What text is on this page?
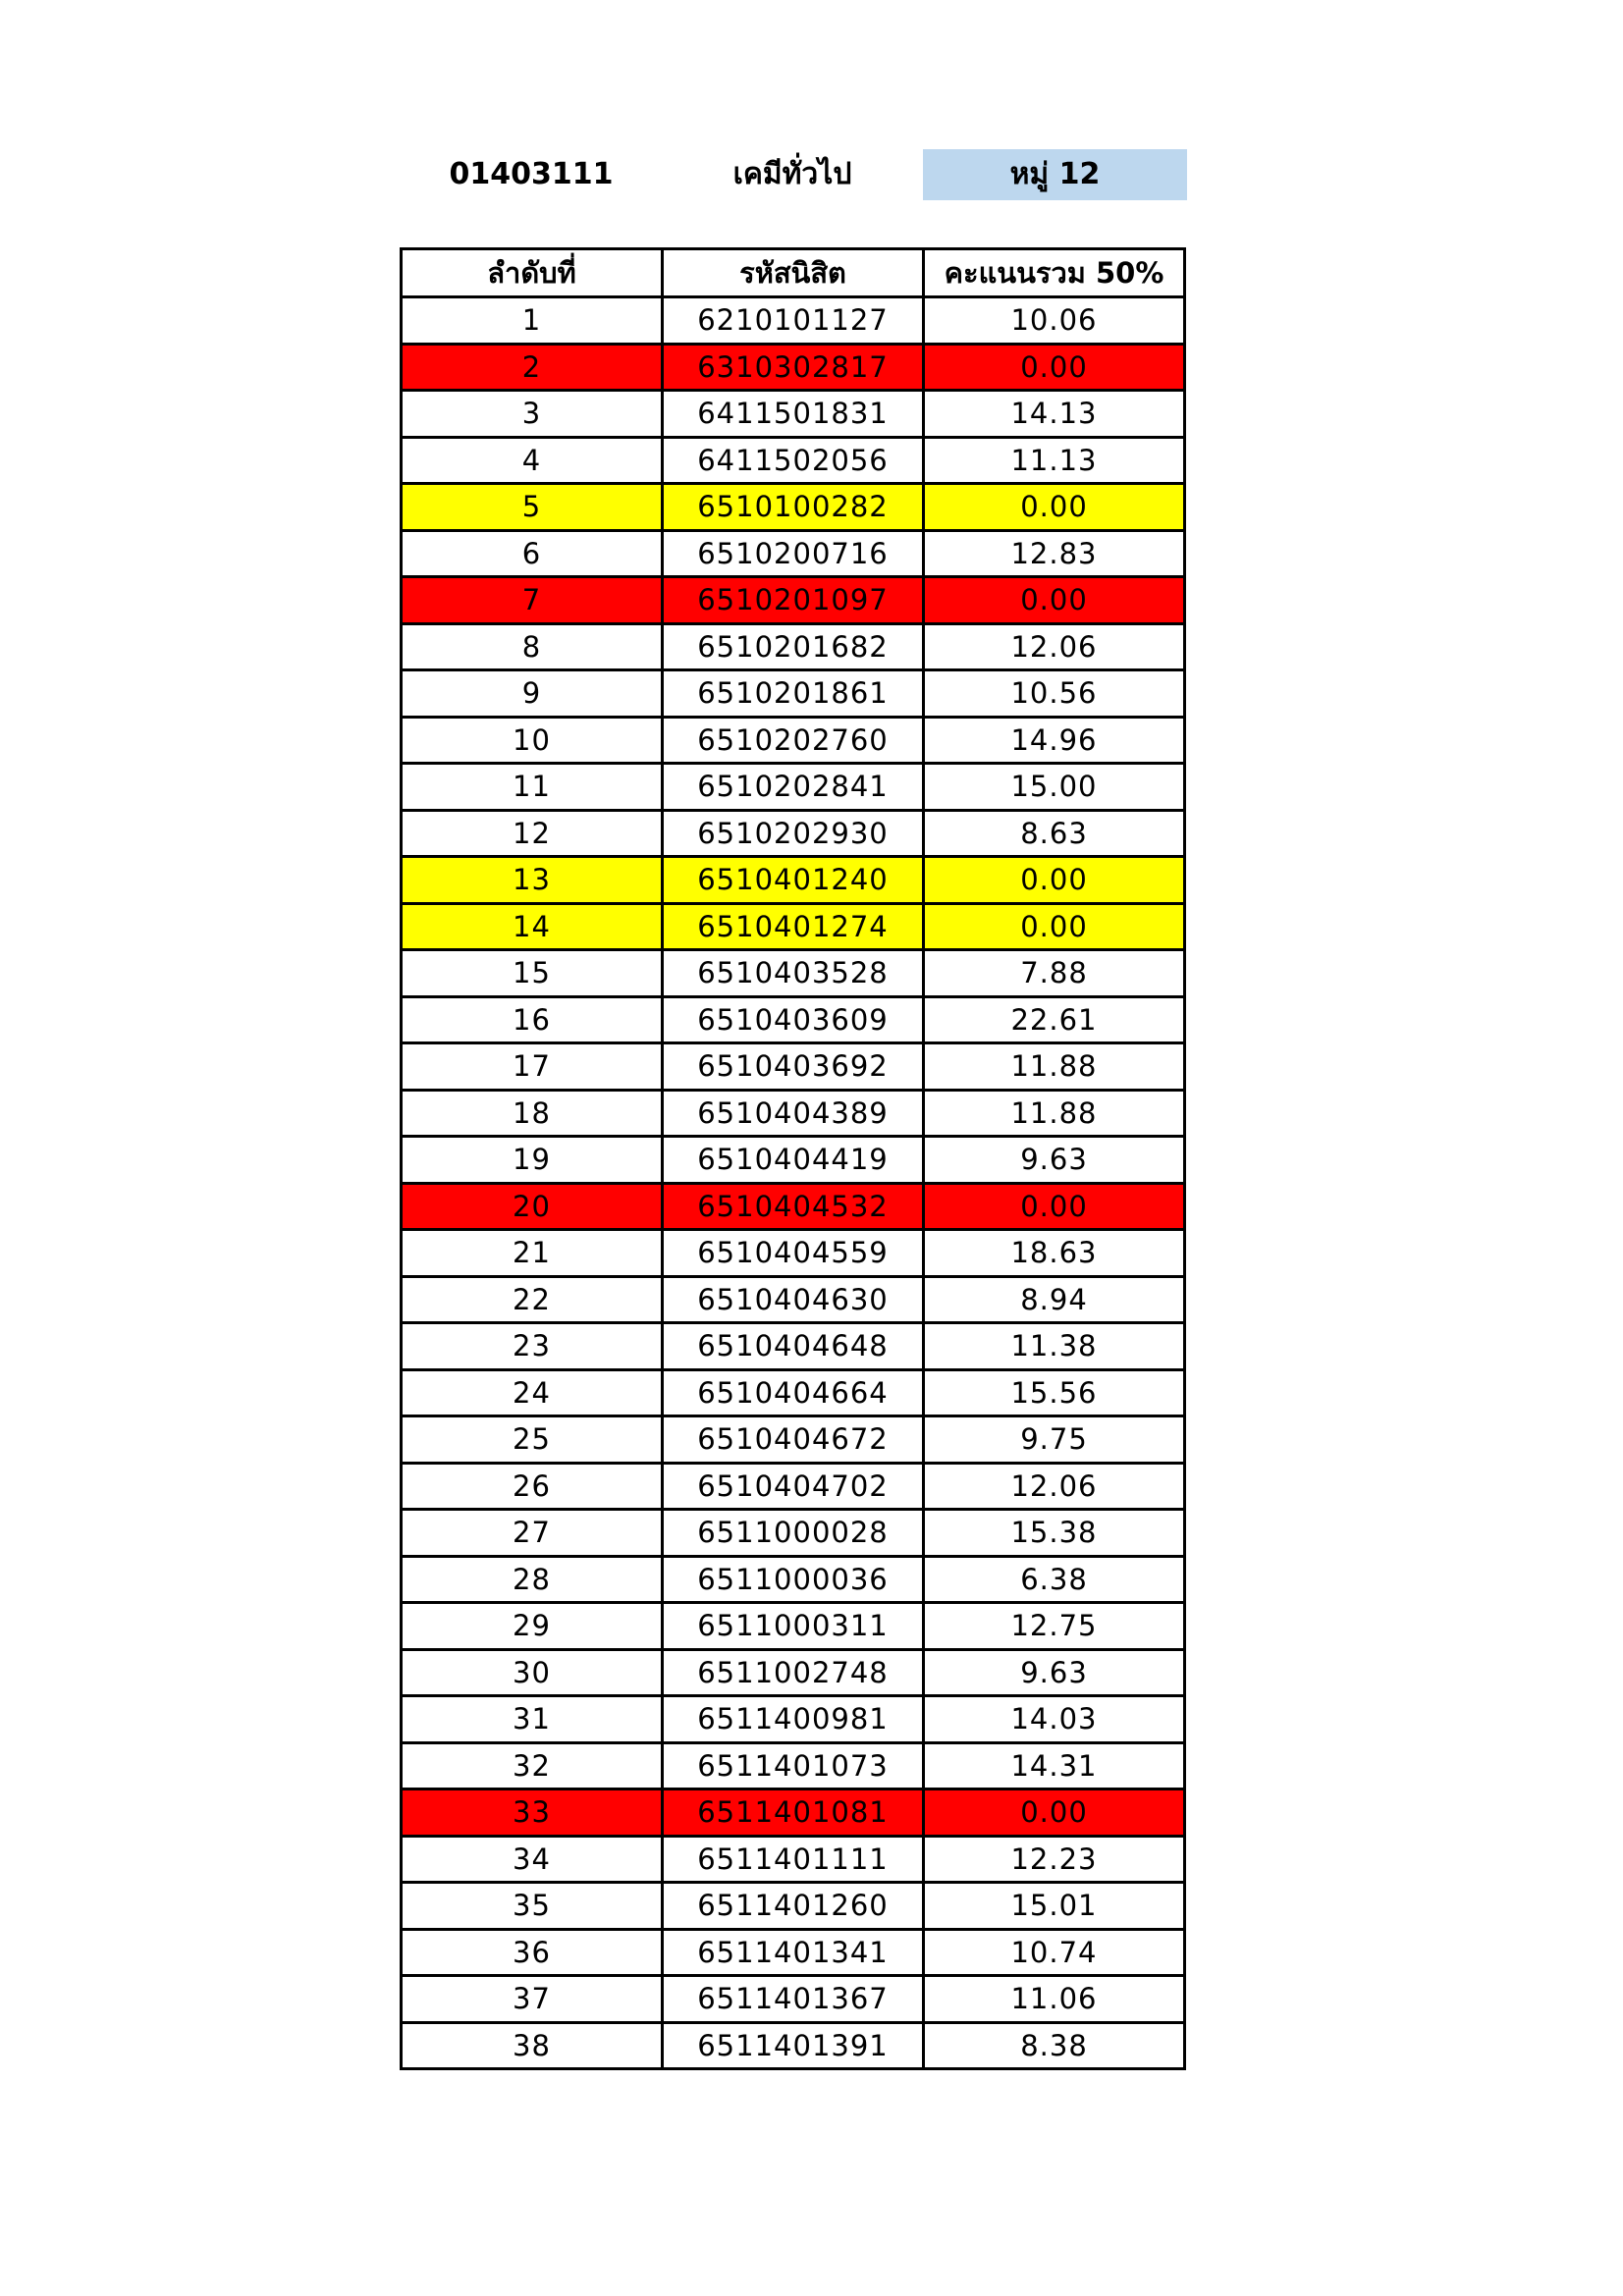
01403111	เคมีทั่วไป	หมู่ 12
ลำดับที่	รหัสนิสิต	คะแนนรวม 50%
1	6210101127	10.06
2	6310302817	0.00
3	6411501831	14.13
4	6411502056	11.13
5	6510100282	0.00
6	6510200716	12.83
7	6510201097	0.00
8	6510201682	12.06
9	6510201861	10.56
10	6510202760	14.96
11	6510202841	15.00
12	6510202930	8.63
13	6510401240	0.00
14	6510401274	0.00
15	6510403528	7.88
16	6510403609	22.61
17	6510403692	11.88
18	6510404389	11.88
19	6510404419	9.63
20	6510404532	0.00
21	6510404559	18.63
22	6510404630	8.94
23	6510404648	11.38
24	6510404664	15.56
25	6510404672	9.75
26	6510404702	12.06
27	6511000028	15.38
28	6511000036	6.38
29	6511000311	12.75
30	6511002748	9.63
31	6511400981	14.03
32	6511401073	14.31
33	6511401081	0.00
34	6511401111	12.23
35	6511401260	15.01
36	6511401341	10.74
37	6511401367	11.06
38	6511401391	8.38
